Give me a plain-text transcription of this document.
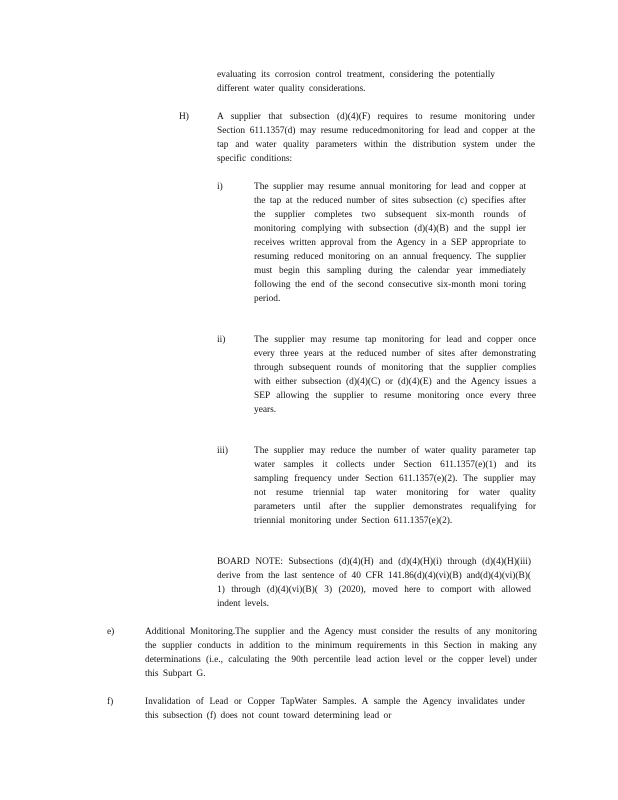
evaluating its corrosion control treatment, considering the potentially different water quality considerations.
H)	A supplier that subsection (d)(4)(F) requires to resume monitoring under Section 611.1357(d) may resume reducedmonitoring for lead and copper at the tap and water quality parameters within the distribution system under the specific conditions:
i)	The supplier may resume annual monitoring for lead and copper at the tap at the reduced number of sites subsection (c) specifies after the supplier completes two subsequent six-month rounds of monitoring complying with subsection (d)(4)(B) and the suppl ier receives written approval from the Agency in a SEP appropriate to resuming reduced monitoring on an annual frequency. The supplier must begin this sampling during the calendar year immediately following the end of the second consecutive six-month moni toring period.
ii)	The supplier may resume tap monitoring for lead and copper once every three years at the reduced number of sites after demonstrating through subsequent rounds of monitoring that the supplier complies with either subsection (d)(4)(C) or (d)(4)(E) and the Agency issues a SEP allowing the supplier to resume monitoring once every three years.
iii)	The supplier may reduce the number of water quality parameter tap water samples it collects under Section 611.1357(e)(1) and its sampling frequency under Section 611.1357(e)(2). The supplier may not resume triennial tap water monitoring for water quality parameters until after the supplier demonstrates requalifying for triennial monitoring under Section 611.1357(e)(2).
BOARD NOTE: Subsections (d)(4)(H) and (d)(4)(H)(i) through (d)(4)(H)(iii) derive from the last sentence of 40 CFR 141.86(d)(4)(vi)(B) and(d)(4)(vi)(B)( 1) through (d)(4)(vi)(B)( 3) (2020), moved here to comport with allowed indent levels.
e)	Additional Monitoring.The supplier and the Agency must consider the results of any monitoring the supplier conducts in addition to the minimum requirements in this Section in making any determinations (i.e., calculating the 90th percentile lead action level or the copper level) under this Subpart G.
f)	Invalidation of Lead or Copper TapWater Samples. A sample the Agency invalidates under this subsection (f) does not count toward determining lead or
